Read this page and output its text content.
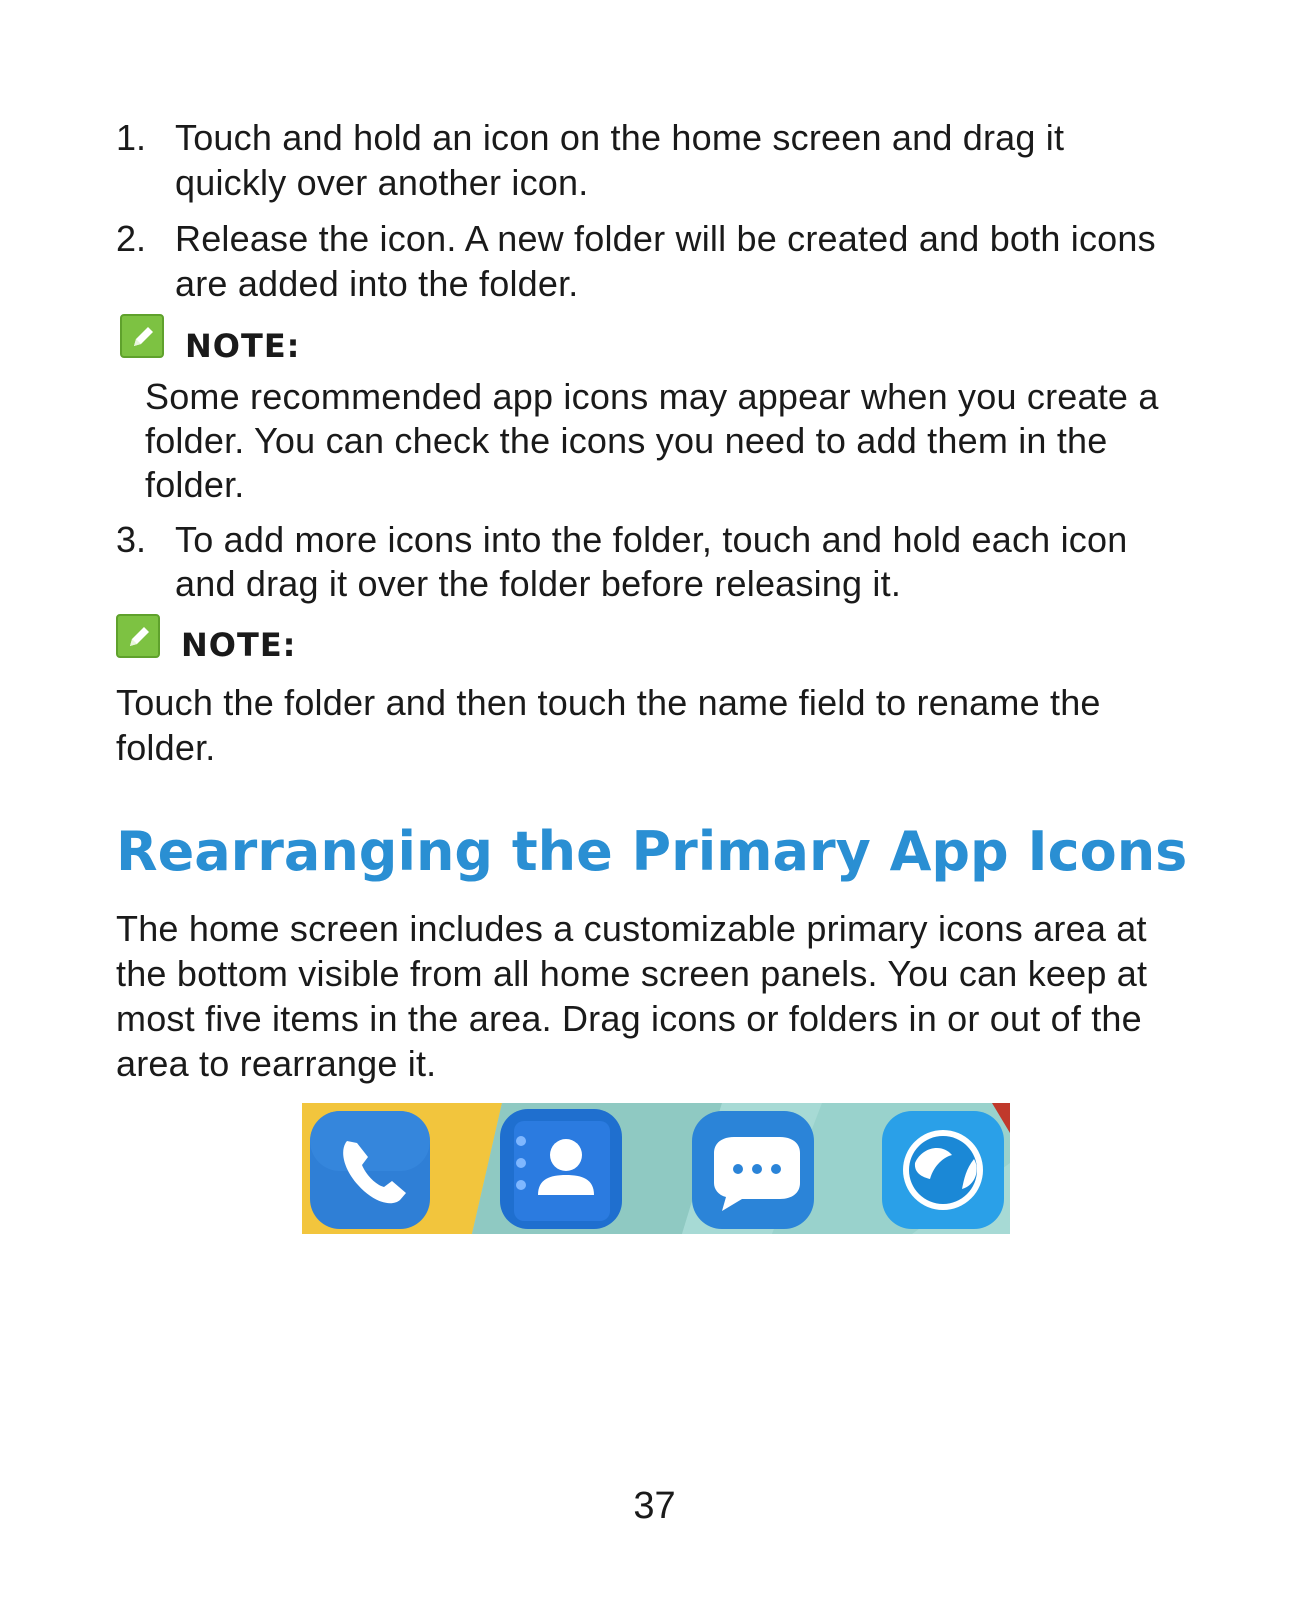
1. Touch and hold an icon on the home screen and drag it
quickly over another icon.
2. Release the icon. A new folder will be created and both icons
are added into the folder.
NOTE:
Some recommended app icons may appear when you create a
folder. You can check the icons you need to add them in the
folder.
3. To add more icons into the folder, touch and hold each icon
and drag it over the folder before releasing it.
NOTE:
Touch the folder and then touch the name field to rename the
folder.
Rearranging the Primary App Icons
The home screen includes a customizable primary icons area at
the bottom visible from all home screen panels. You can keep at
most five items in the area. Drag icons or folders in or out of the
area to rearrange it.
37
